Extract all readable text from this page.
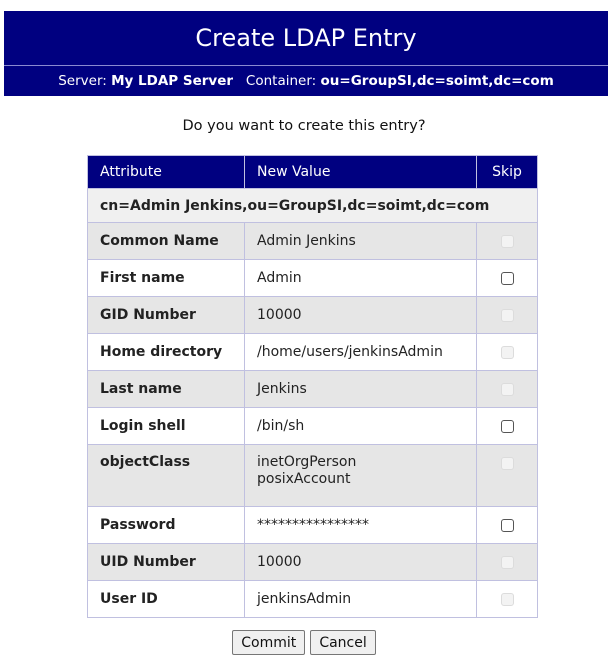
Create LDAP Entry
Server: My LDAP Server Container: ou=GroupSI,dc=soimt,dc=com
Do you want to create this entry?
Attribute	New Value	Skip
cn=Admin Jenkins,ou=GroupSI,dc=soimt,dc=com		
Common Name	Admin Jenkins	

First name	Admin	

GID Number	10000	

Home directory	/home/users/jenkinsAdmin	

Last name	Jenkins	

Login shell	/bin/sh	

objectClass	inetOrgPerson
posixAccount	

Password	****************	

UID Number	10000	

User ID	jenkinsAdmin	

Commit Cancel
